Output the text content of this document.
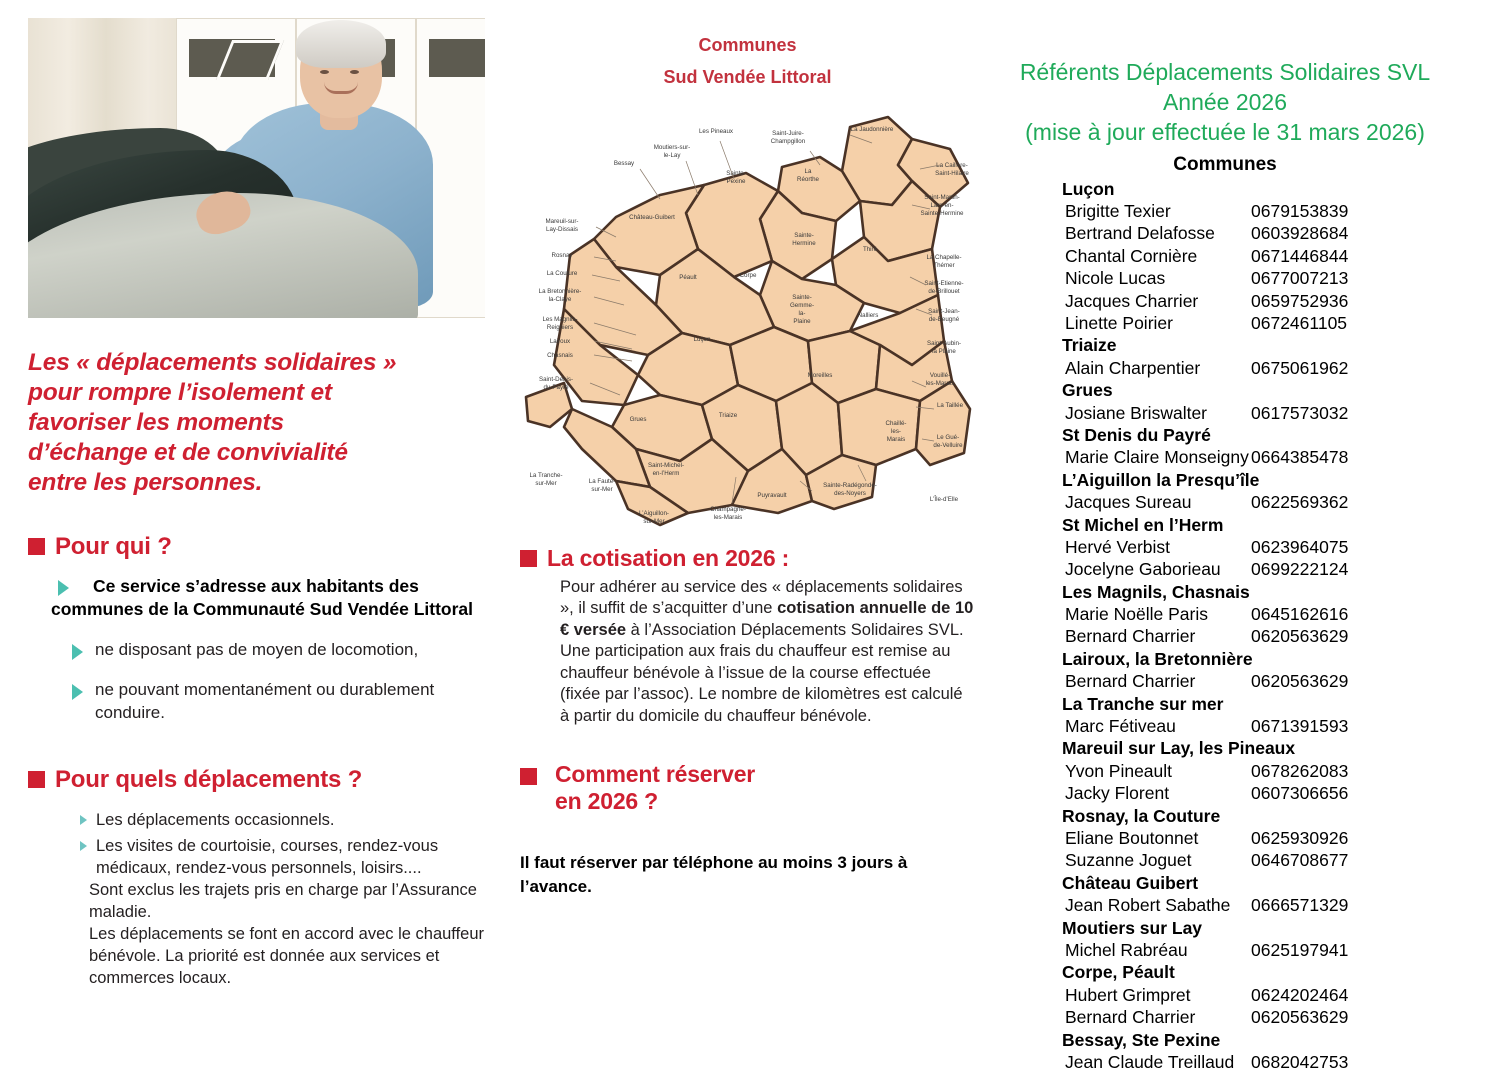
Les « déplacements solidaires »
pour rompre l’isolement et
favoriser les moments
d’échange et de convivialité
entre les personnes.
Pour qui ?
Ce service s’adresse aux habitants des communes de la Communauté Sud Vendée Littoral
ne disposant pas de moyen de locomotion,
ne pouvant momentanément ou durablement conduire.
Pour quels déplacements ?
Les déplacements occasionnels.
Les visites de courtoisie, courses, rendez-vous médicaux, rendez-vous personnels, loisirs....
Sont exclus les trajets pris en charge par l’Assurance maladie.
Les déplacements se font en accord avec le chauffeur bénévole. La priorité est donnée aux services et commerces locaux.
Communes
Sud Vendée Littoral
La Jaudonnière
La Caillère-
Saint-Hilaire
Saint-Juire-
Champgillon
Les Pineaux
Moutiers-sur-
le-Lay
Bessay
La
Réorthe
Sainte-
Pexine
Saint-Martin-
Lars-en-
Sainte-Hermine
Château-Guibert
Mareuil-sur-
Lay-Dissais
Sainte-
Hermine
Thiré
La Chapelle-
Thémer
Rosnay
La Couture
Péault	Corpe
Saint-Etienne-
de-Brillouet
La Bretonnière-
la-Claye	Sainte-
Gemme-
la-
Plaine
Nalliers
Saint-Jean-
de-Beugné
Les Magnils-
Reigniers
Lairoux
Chasnais
Luçon
Saint-Aubin-
la Plaine
Saint-Denis-
du-Payré
Moreilles	Vouillé-
les-Marais
La Taillée
Grues
Triaize
Chaillé-
les-
Marais	Le Gué-
de-Velluire
La Tranche-
sur-Mer	La Faute-
sur-Mer
Saint-Michel-
en-l’Herm
Puyravault
Sainte-Radégonde-
des-Noyers
L’Île-d’Elle
Champagné-
les-Marais
L’Aiguillon-
sur-Mer
La cotisation en 2026 :

Pour adhérer au service des « déplacements solidaires », il suffit de s’acquitter d’une cotisation annuelle de 10 € versée à l’Association Déplacements Solidaires SVL.

Une participation aux frais du chauffeur est remise au chauffeur bénévole à l’issue de la course effectuée (fixée par l’assoc). Le nombre de kilomètres est calculé à partir du domicile du chauffeur bénévole.

Comment réserver
en 2026 ?
Il faut réserver par téléphone au moins 3 jours à l’avance.
Référents Déplacements Solidaires SVL
Année 2026
(mise à jour effectuée le 31 mars 2026)
Communes
Luçon
Brigitte Texier	0679153839
Bertrand Delafosse	0603928684
Chantal Cornière	0671446844
Nicole Lucas	0677007213
Jacques Charrier	0659752936
Linette Poirier	0672461105
Triaize
Alain Charpentier	0675061962
Grues
Josiane Briswalter	0617573032
St Denis du Payré
Marie Claire Monseigny 0664385478
L’Aiguillon la Presqu’île
Jacques Sureau	0622569362
St Michel en l’Herm
Hervé Verbist	0623964075
Jocelyne Gaborieau	0699222124
Les Magnils, Chasnais
Marie Noëlle Paris	0645162616
Bernard Charrier	0620563629
Lairoux, la Bretonnière
Bernard Charrier	0620563629
La Tranche sur mer
Marc Fétiveau	0671391593
Mareuil sur Lay, les Pineaux
Yvon Pineault	0678262083
Jacky Florent	0607306656
Rosnay, la Couture
Eliane Boutonnet	0625930926
Suzanne Joguet	0646708677
Château Guibert
Jean Robert Sabathe	0666571329
Moutiers sur Lay
Michel Rabréau	0625197941
Corpe, Péault
Hubert Grimpret	0624202464
Bernard Charrier	0620563629
Bessay, Ste Pexine
Jean Claude Treillaud 0682042753
